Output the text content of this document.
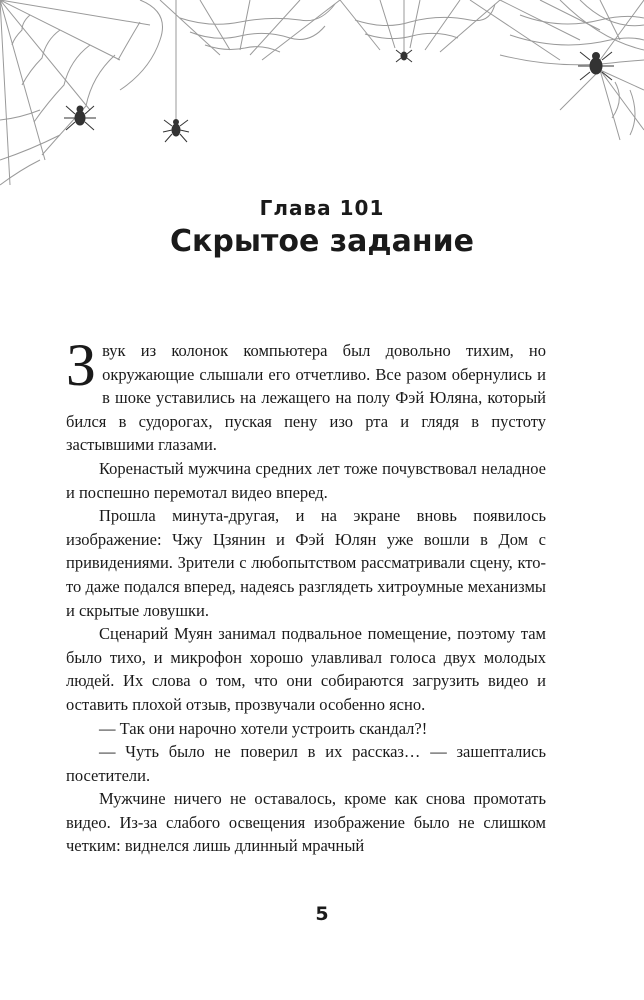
Глава 101
Скрытое задание

Звук из колонок компьютера был довольно тихим, но окружающие слышали его отчетливо. Все разом обернулись и в шоке уставились на лежащего на полу Фэй Юляна, который бился в судорогах, пуская пену изо рта и глядя в пустоту застывшими глазами.

Коренастый мужчина средних лет тоже почувствовал неладное и поспешно перемотал видео вперед.

Прошла минута-другая, и на экране вновь появилось изображение: Чжу Цзянин и Фэй Юлян уже вошли в Дом с привидениями. Зрители с любопытством рассматривали сцену, кто-то даже подался вперед, надеясь разглядеть хитроумные механизмы и скрытые ловушки.

Сценарий Муян занимал подвальное помещение, поэтому там было тихо, и микрофон хорошо улавливал голоса двух молодых людей. Их слова о том, что они собираются загрузить видео и оставить плохой отзыв, прозвучали особенно ясно.

— Так они нарочно хотели устроить скандал?!

— Чуть было не поверил в их рассказ… — зашептались посетители.

Мужчине ничего не оставалось, кроме как снова промотать видео. Из-за слабого освещения изображение было не слишком четким: виднелся лишь длинный мрачный

5
